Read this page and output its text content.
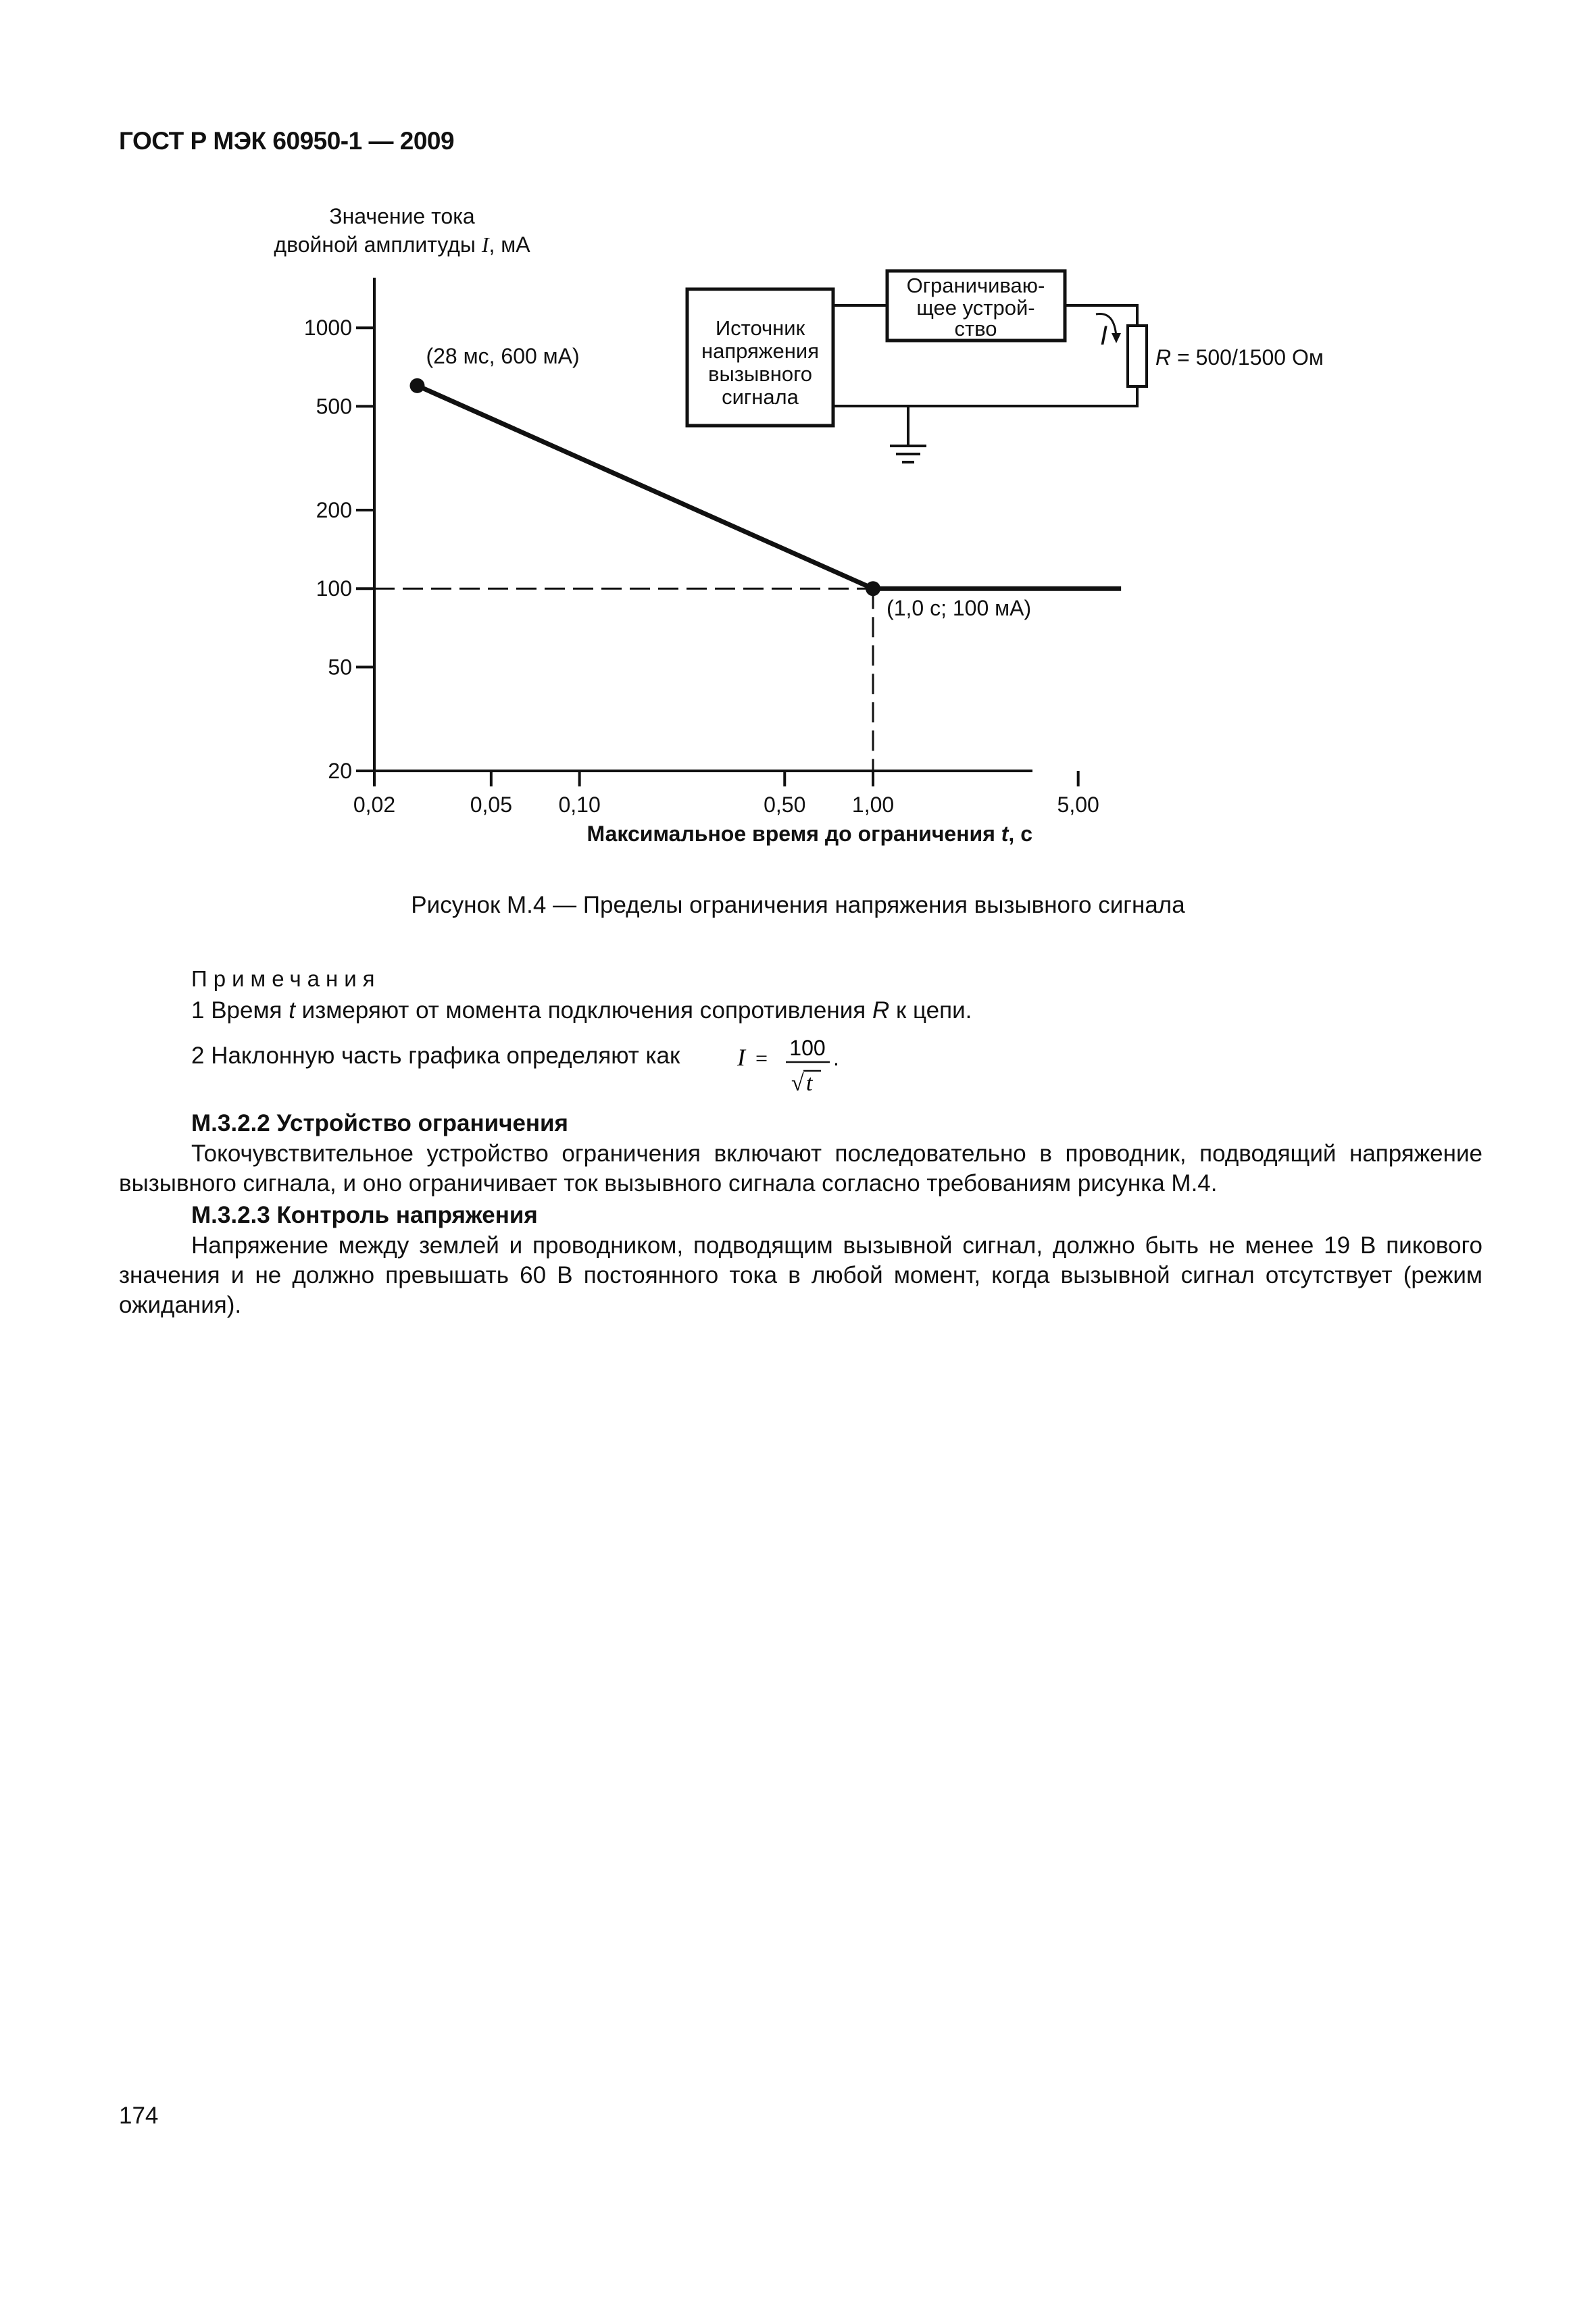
ГОСТ Р МЭК 60950-1 — 2009
Значение тока
двойной амплитуды I, мА
1000
500
200
100
50
20
0,02	0,05 0,10	0,50 1,00	5,00
(28 мс, 600 мА)
(1,0 с; 100 мА)
Максимальное время до ограничения t, с
Источник
напряжения
вызывного
сигнала
Ограничиваю-
щее устрой-
ство	I
R = 500/1500 Ом
Рисунок М.4 — Пределы ограничения напряжения вызывного сигнала
Примечания
1 Время t измеряют от момента подключения сопротивления R к цепи.
2 Наклонную часть графика определяют как I = 100
√ t
.
М.3.2.2 Устройство ограничения
Токочувствительное устройство ограничения включают последовательно в проводник, подводящий напряжение вызывного сигнала, и оно ограничивает ток вызывного сигнала согласно требованиям рисунка М.4.
М.3.2.3 Контроль напряжения
Напряжение между землей и проводником, подводящим вызывной сигнал, должно быть не менее 19 В пикового значения и не должно превышать 60 В постоянного тока в любой момент, когда вызывной сигнал отсутствует (режим ожидания).
174
